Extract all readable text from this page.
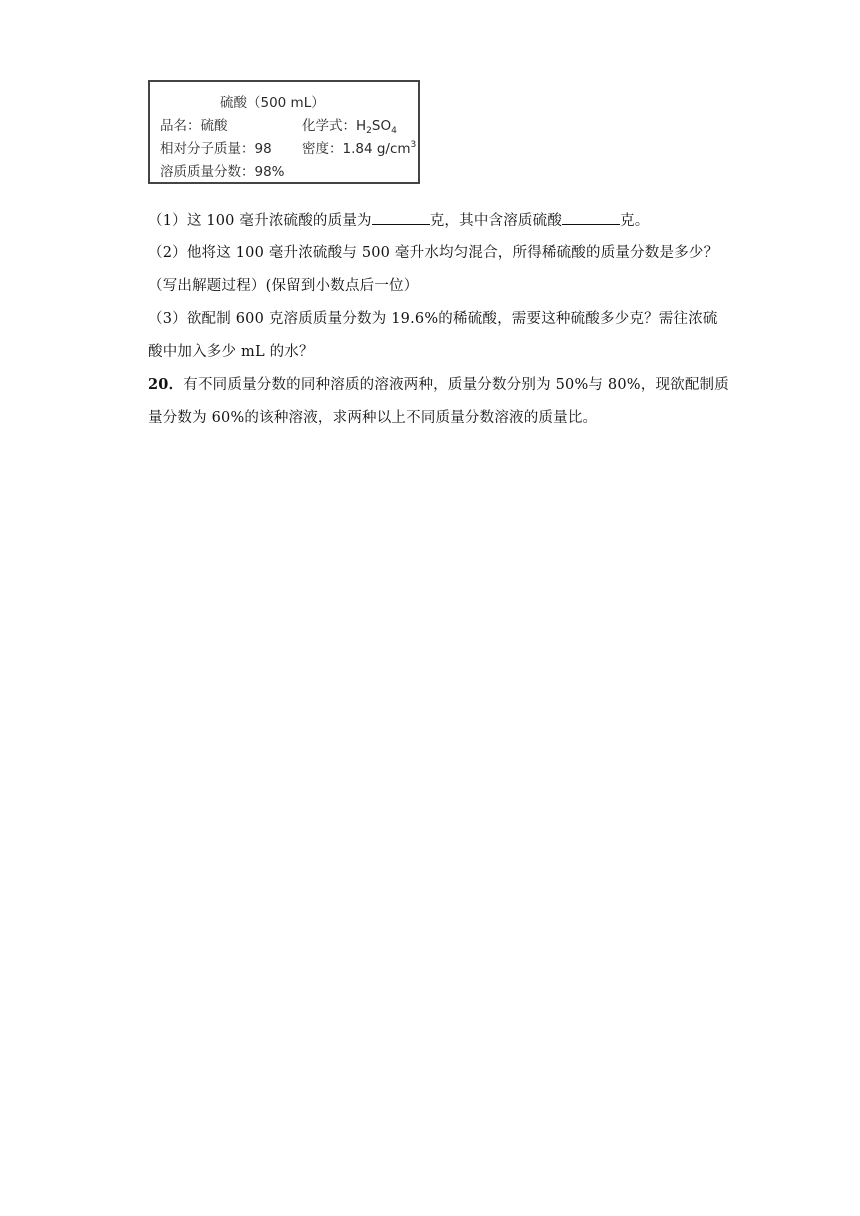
硫酸（500 mL）
品名：硫酸	化学式：$H_2SO_4$
相对分子质量：98 密度：1.84 $g/cm^3$
溶质质量分数：98%
（1）这 100 毫升浓硫酸的质量为	克，其中含溶质硫酸	克。
（2）他将这 100 毫升浓硫酸与 500 毫升水均匀混合，所得稀硫酸的质量分数是多少？
（写出解题过程）(保留到小数点后一位）
（3）欲配制 600 克溶质质量分数为 19.6%的稀硫酸，需要这种硫酸多少克？需往浓硫
酸中加入多少 mL 的水？
20．有不同质量分数的同种溶质的溶液两种，质量分数分别为 50%与 80%，现欲配制质
量分数为 60%的该种溶液，求两种以上不同质量分数溶液的质量比。
